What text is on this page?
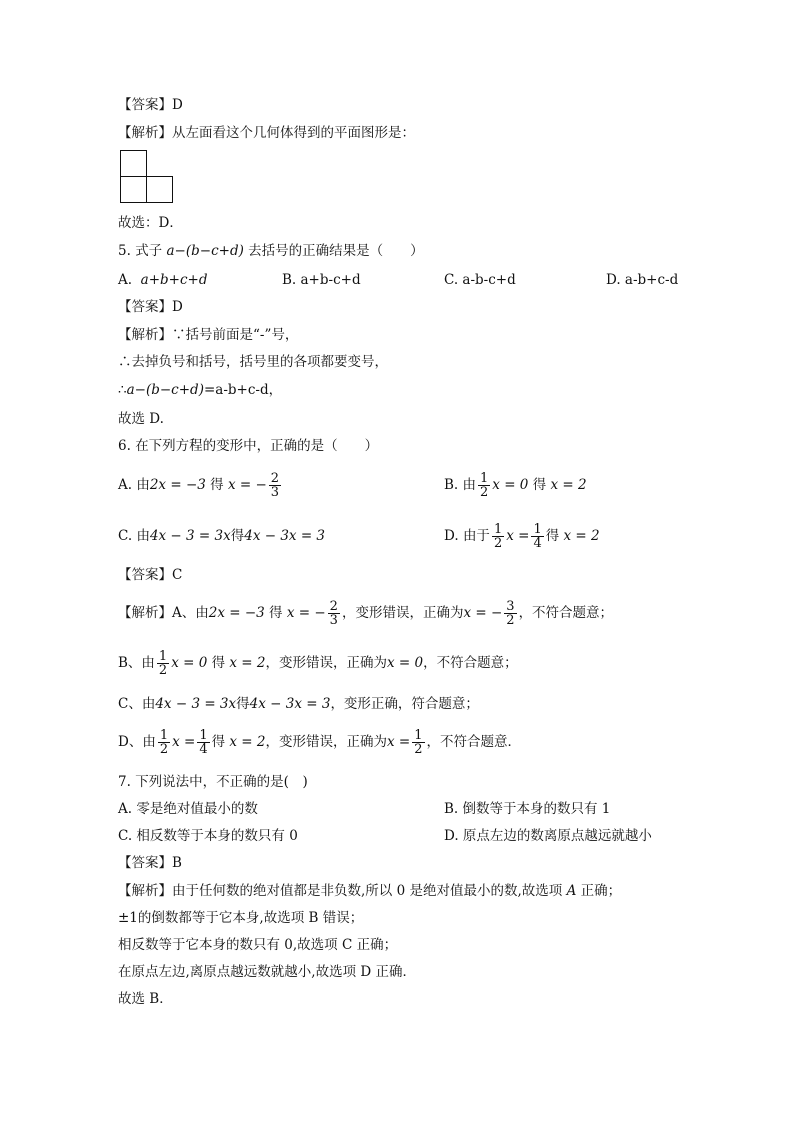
【答案】D
【解析】从左面看这个几何体得到的平面图形是：
故选：D．
5. 式子 a−(b−c+d) 去括号的正确结果是（　　）
A. a+b+c+d	B. a+b-c+d	C. a-b-c+d	D. a-b+c-d
【答案】D
【解析】∵括号前面是“-”号，
∴去掉负号和括号，括号里的各项都要变号，
∴a−(b−c+d)=a-b+c-d，
故选 D.
6. 在下列方程的变形中，正确的是（　　）
A. 由2x = −3 得 x = − $\frac{2}{3}$	B. 由 $\frac{1}{2}$ x = 0 得 x = 2
C. 由4x − 3 = 3x得4x − 3x = 3	D. 由于 $\frac{1}{2}$ $x = \frac{1}{4}$ 得 x = 2
【答案】C
【解析】A、由2x = −3 得 x = − $\frac{2}{3}$ ，变形错误，正确为x = − $\frac{3}{2}$ ，不符合题意；
B、由 $\frac{1}{2}$ x = 0 得 x = 2，变形错误，正确为x = 0，不符合题意；
C、由4x − 3 = 3x得4x − 3x = 3，变形正确，符合题意；
D、由 $\frac{1}{2}$ $x = \frac{1}{4}$ 得 x = 2，变形错误，正确为$x = \frac{1}{2}$ ，不符合题意．
7. 下列说法中，不正确的是(　)
A. 零是绝对值最小的数	B. 倒数等于本身的数只有 1
C. 相反数等于本身的数只有 0	D. 原点左边的数离原点越远就越小
【答案】B
【解析】由于任何数的绝对值都是非负数,所以 0 是绝对值最小的数,故选项 A 正确；
±1的倒数都等于它本身,故选项 B 错误；
相反数等于它本身的数只有 0,故选项 C 正确；
在原点左边,离原点越远数就越小,故选项 D 正确．
故选 B．
